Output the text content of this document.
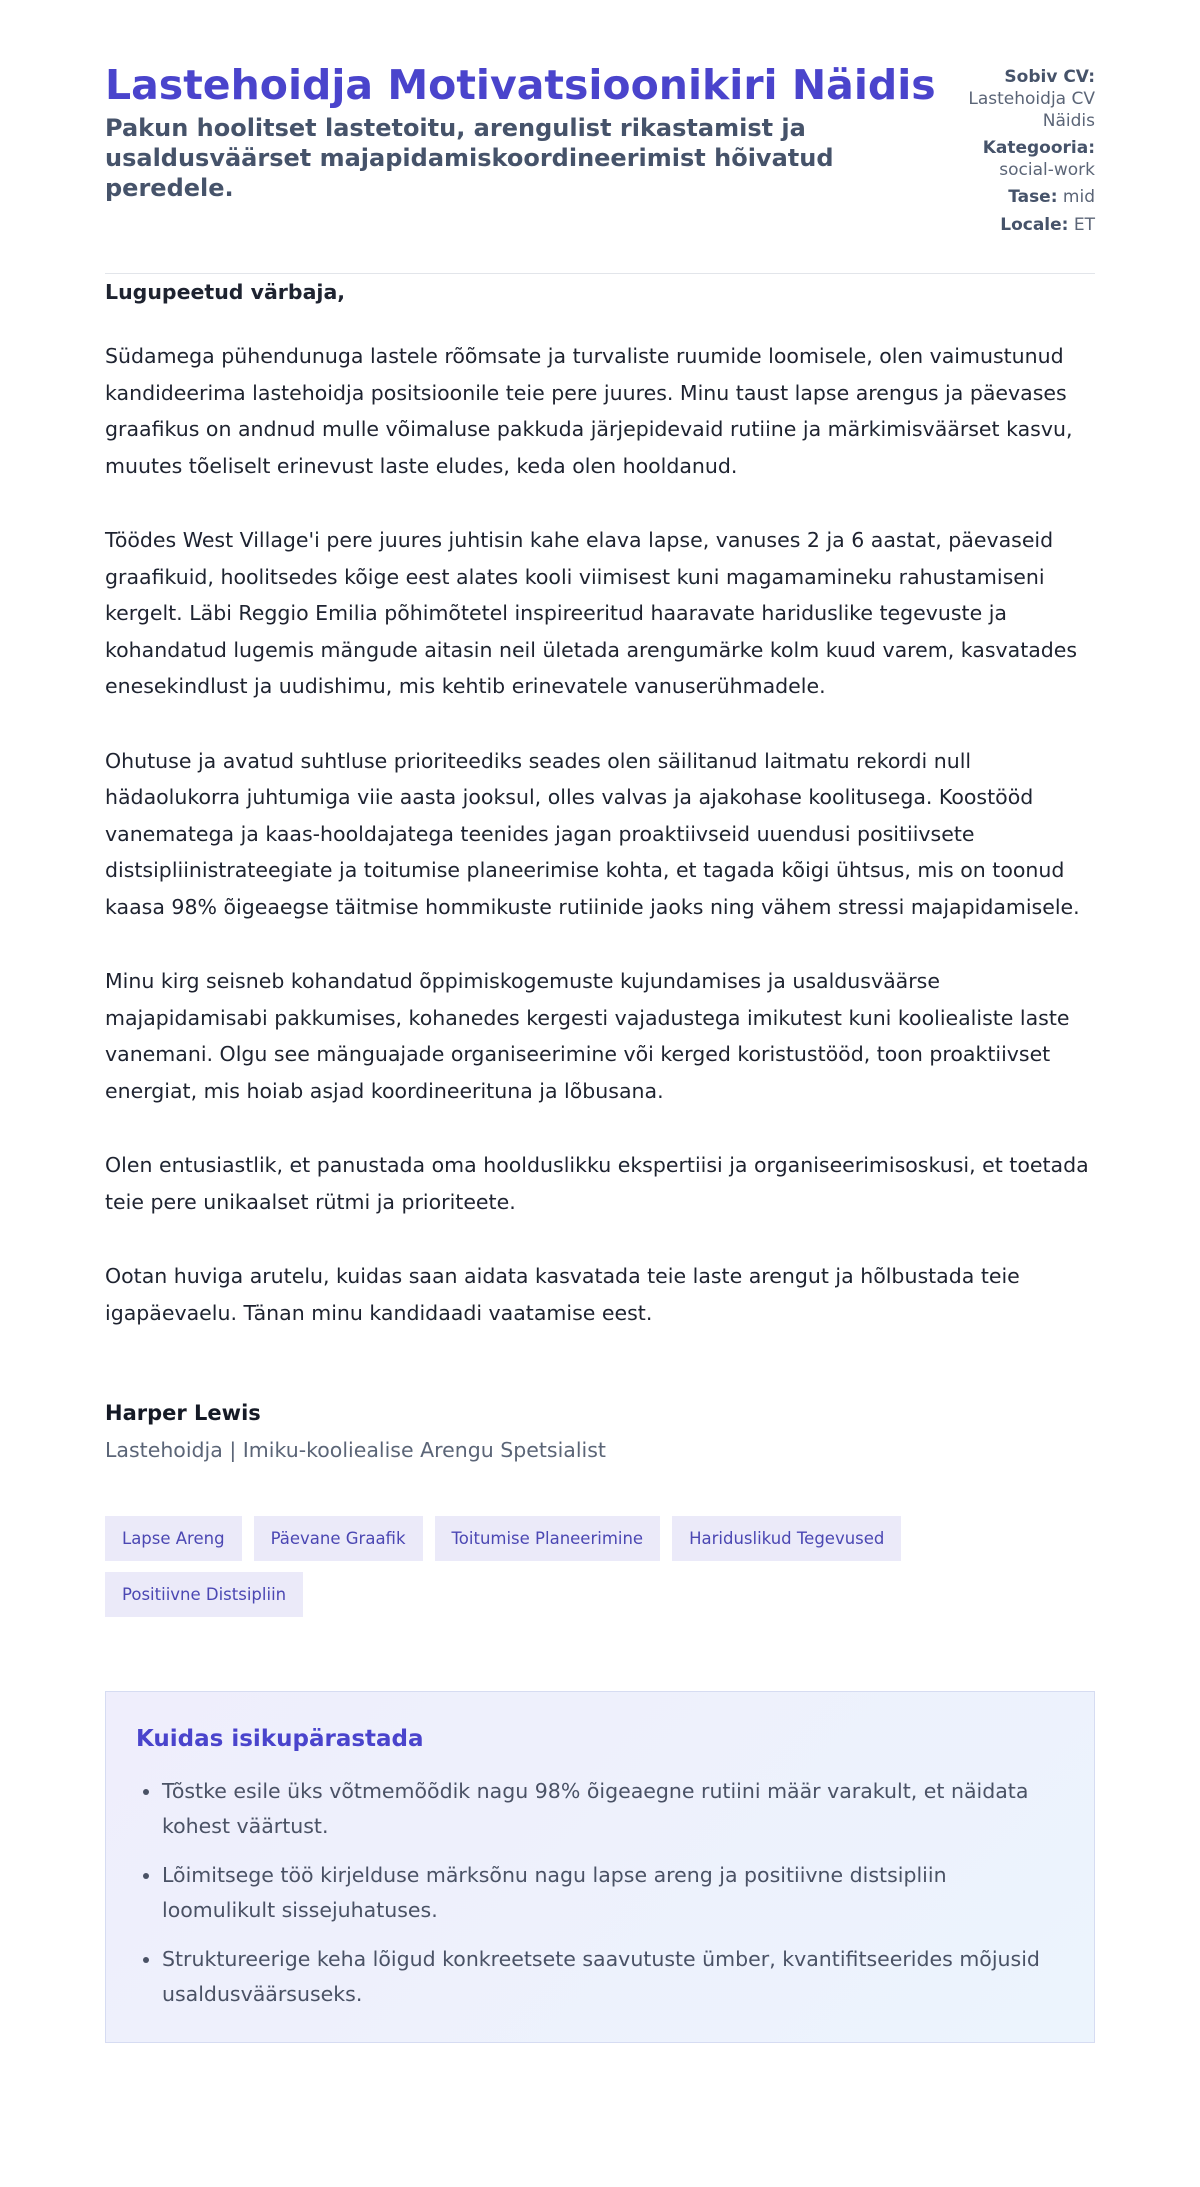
Lastehoidja Motivatsioonikiri Näidis

Pakun hoolitset lastetoitu, arengulist rikastamist ja usaldusväärset majapidamiskoordineerimist hõivatud peredele.

Sobiv CV:
Lastehoidja CV Näidis
Kategooria:
social-work
Tase: mid
Locale: ET

Lugupeetud värbaja,

Südamega pühendunuga lastele rõõmsate ja turvaliste ruumide loomisele, olen vaimustunud kandideerima lastehoidja positsioonile teie pere juures. Minu taust lapse arengus ja päevases graafikus on andnud mulle võimaluse pakkuda järjepidevaid rutiine ja märkimisväärset kasvu, muutes tõeliselt erinevust laste eludes, keda olen hooldanud.

Töödes West Village'i pere juures juhtisin kahe elava lapse, vanuses 2 ja 6 aastat, päevaseid graafikuid, hoolitsedes kõige eest alates kooli viimisest kuni magamamineku rahustamiseni kergelt. Läbi Reggio Emilia põhimõtetel inspireeritud haaravate hariduslike tegevuste ja kohandatud lugemis mängude aitasin neil ületada arengumärke kolm kuud varem, kasvatades enesekindlust ja uudishimu, mis kehtib erinevatele vanuserühmadele.

Ohutuse ja avatud suhtluse prioriteediks seades olen säilitanud laitmatu rekordi null hädaolukorra juhtumiga viie aasta jooksul, olles valvas ja ajakohase koolitusega. Koostööd vanematega ja kaas-hooldajatega teenides jagan proaktiivseid uuendusi positiivsete distsipliinistrateegiate ja toitumise planeerimise kohta, et tagada kõigi ühtsus, mis on toonud kaasa 98% õigeaegse täitmise hommikuste rutiinide jaoks ning vähem stressi majapidamisele.

Minu kirg seisneb kohandatud õppimiskogemuste kujundamises ja usaldusväärse majapidamisabi pakkumises, kohanedes kergesti vajadustega imikutest kuni kooliealiste laste vanemani. Olgu see mänguajade organiseerimine või kerged koristustööd, toon proaktiivset energiat, mis hoiab asjad koordineerituna ja lõbusana.

Olen entusiastlik, et panustada oma hoolduslikku ekspertiisi ja organiseerimisoskusi, et toetada teie pere unikaalset rütmi ja prioriteete.

Ootan huviga arutelu, kuidas saan aidata kasvatada teie laste arengut ja hõlbustada teie igapäevaelu. Tänan minu kandidaadi vaatamise eest.

Harper Lewis
Lastehoidja | Imiku-kooliealise Arengu Spetsialist
Lapse Areng	Päevane Graafik	Toitumise Planeerimine	Hariduslikud Tegevused
Positiivne Distsipliin
Kuidas isikupärastada
• Tõstke esile üks võtmemõõdik nagu 98% õigeaegne rutiini määr varakult, et näidata kohest väärtust.
• Lõimitsege töö kirjelduse märksõnu nagu lapse areng ja positiivne distsipliin loomulikult sissejuhatuses.
• Struktureerige keha lõigud konkreetsete saavutuste ümber, kvantifitseerides mõjusid usaldusväärsuseks.
